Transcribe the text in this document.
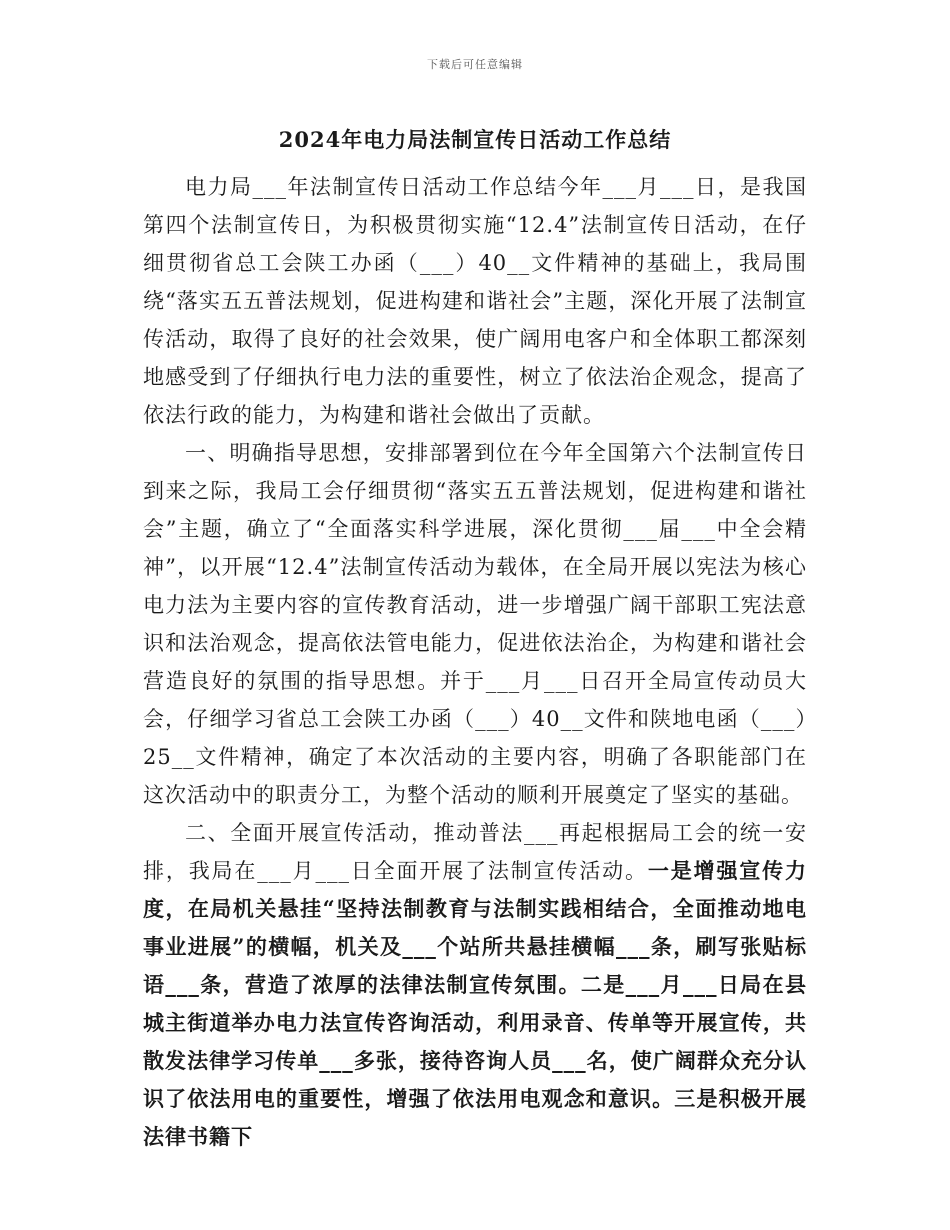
下载后可任意编辑
2024年电力局法制宣传日活动工作总结

电力局___年法制宣传日活动工作总结今年___月___日，是我国第四个法制宣传日，为积极贯彻实施“12.4”法制宣传日活动，在仔细贯彻省总工会陕工办函（___）40__文件精神的基础上，我局围绕“落实五五普法规划，促进构建和谐社会”主题，深化开展了法制宣传活动，取得了良好的社会效果，使广阔用电客户和全体职工都深刻地感受到了仔细执行电力法的重要性，树立了依法治企观念，提高了依法行政的能力，为构建和谐社会做出了贡献。

一、明确指导思想，安排部署到位在今年全国第六个法制宣传日到来之际，我局工会仔细贯彻“落实五五普法规划，促进构建和谐社会”主题，确立了“全面落实科学进展，深化贯彻___届___中全会精神”，以开展“12.4”法制宣传活动为载体，在全局开展以宪法为核心电力法为主要内容的宣传教育活动，进一步增强广阔干部职工宪法意识和法治观念，提高依法管电能力，促进依法治企，为构建和谐社会营造良好的氛围的指导思想。并于___月___日召开全局宣传动员大会，仔细学习省总工会陕工办函（___）40__文件和陕地电函（___）25__文件精神，确定了本次活动的主要内容，明确了各职能部门在这次活动中的职责分工，为整个活动的顺利开展奠定了坚实的基础。

二、全面开展宣传活动，推动普法___再起根据局工会的统一安排，我局在___月___日全面开展了法制宣传活动。一是增强宣传力度，在局机关悬挂“坚持法制教育与法制实践相结合，全面推动地电事业进展”的横幅，机关及___个站所共悬挂横幅___条，刷写张贴标语___条，营造了浓厚的法律法制宣传氛围。二是___月___日局在县城主街道举办电力法宣传咨询活动，利用录音、传单等开展宣传，共散发法律学习传单___多张，接待咨询人员___名，使广阔群众充分认识了依法用电的重要性，增强了依法用电观念和意识。三是积极开展法律书籍下
